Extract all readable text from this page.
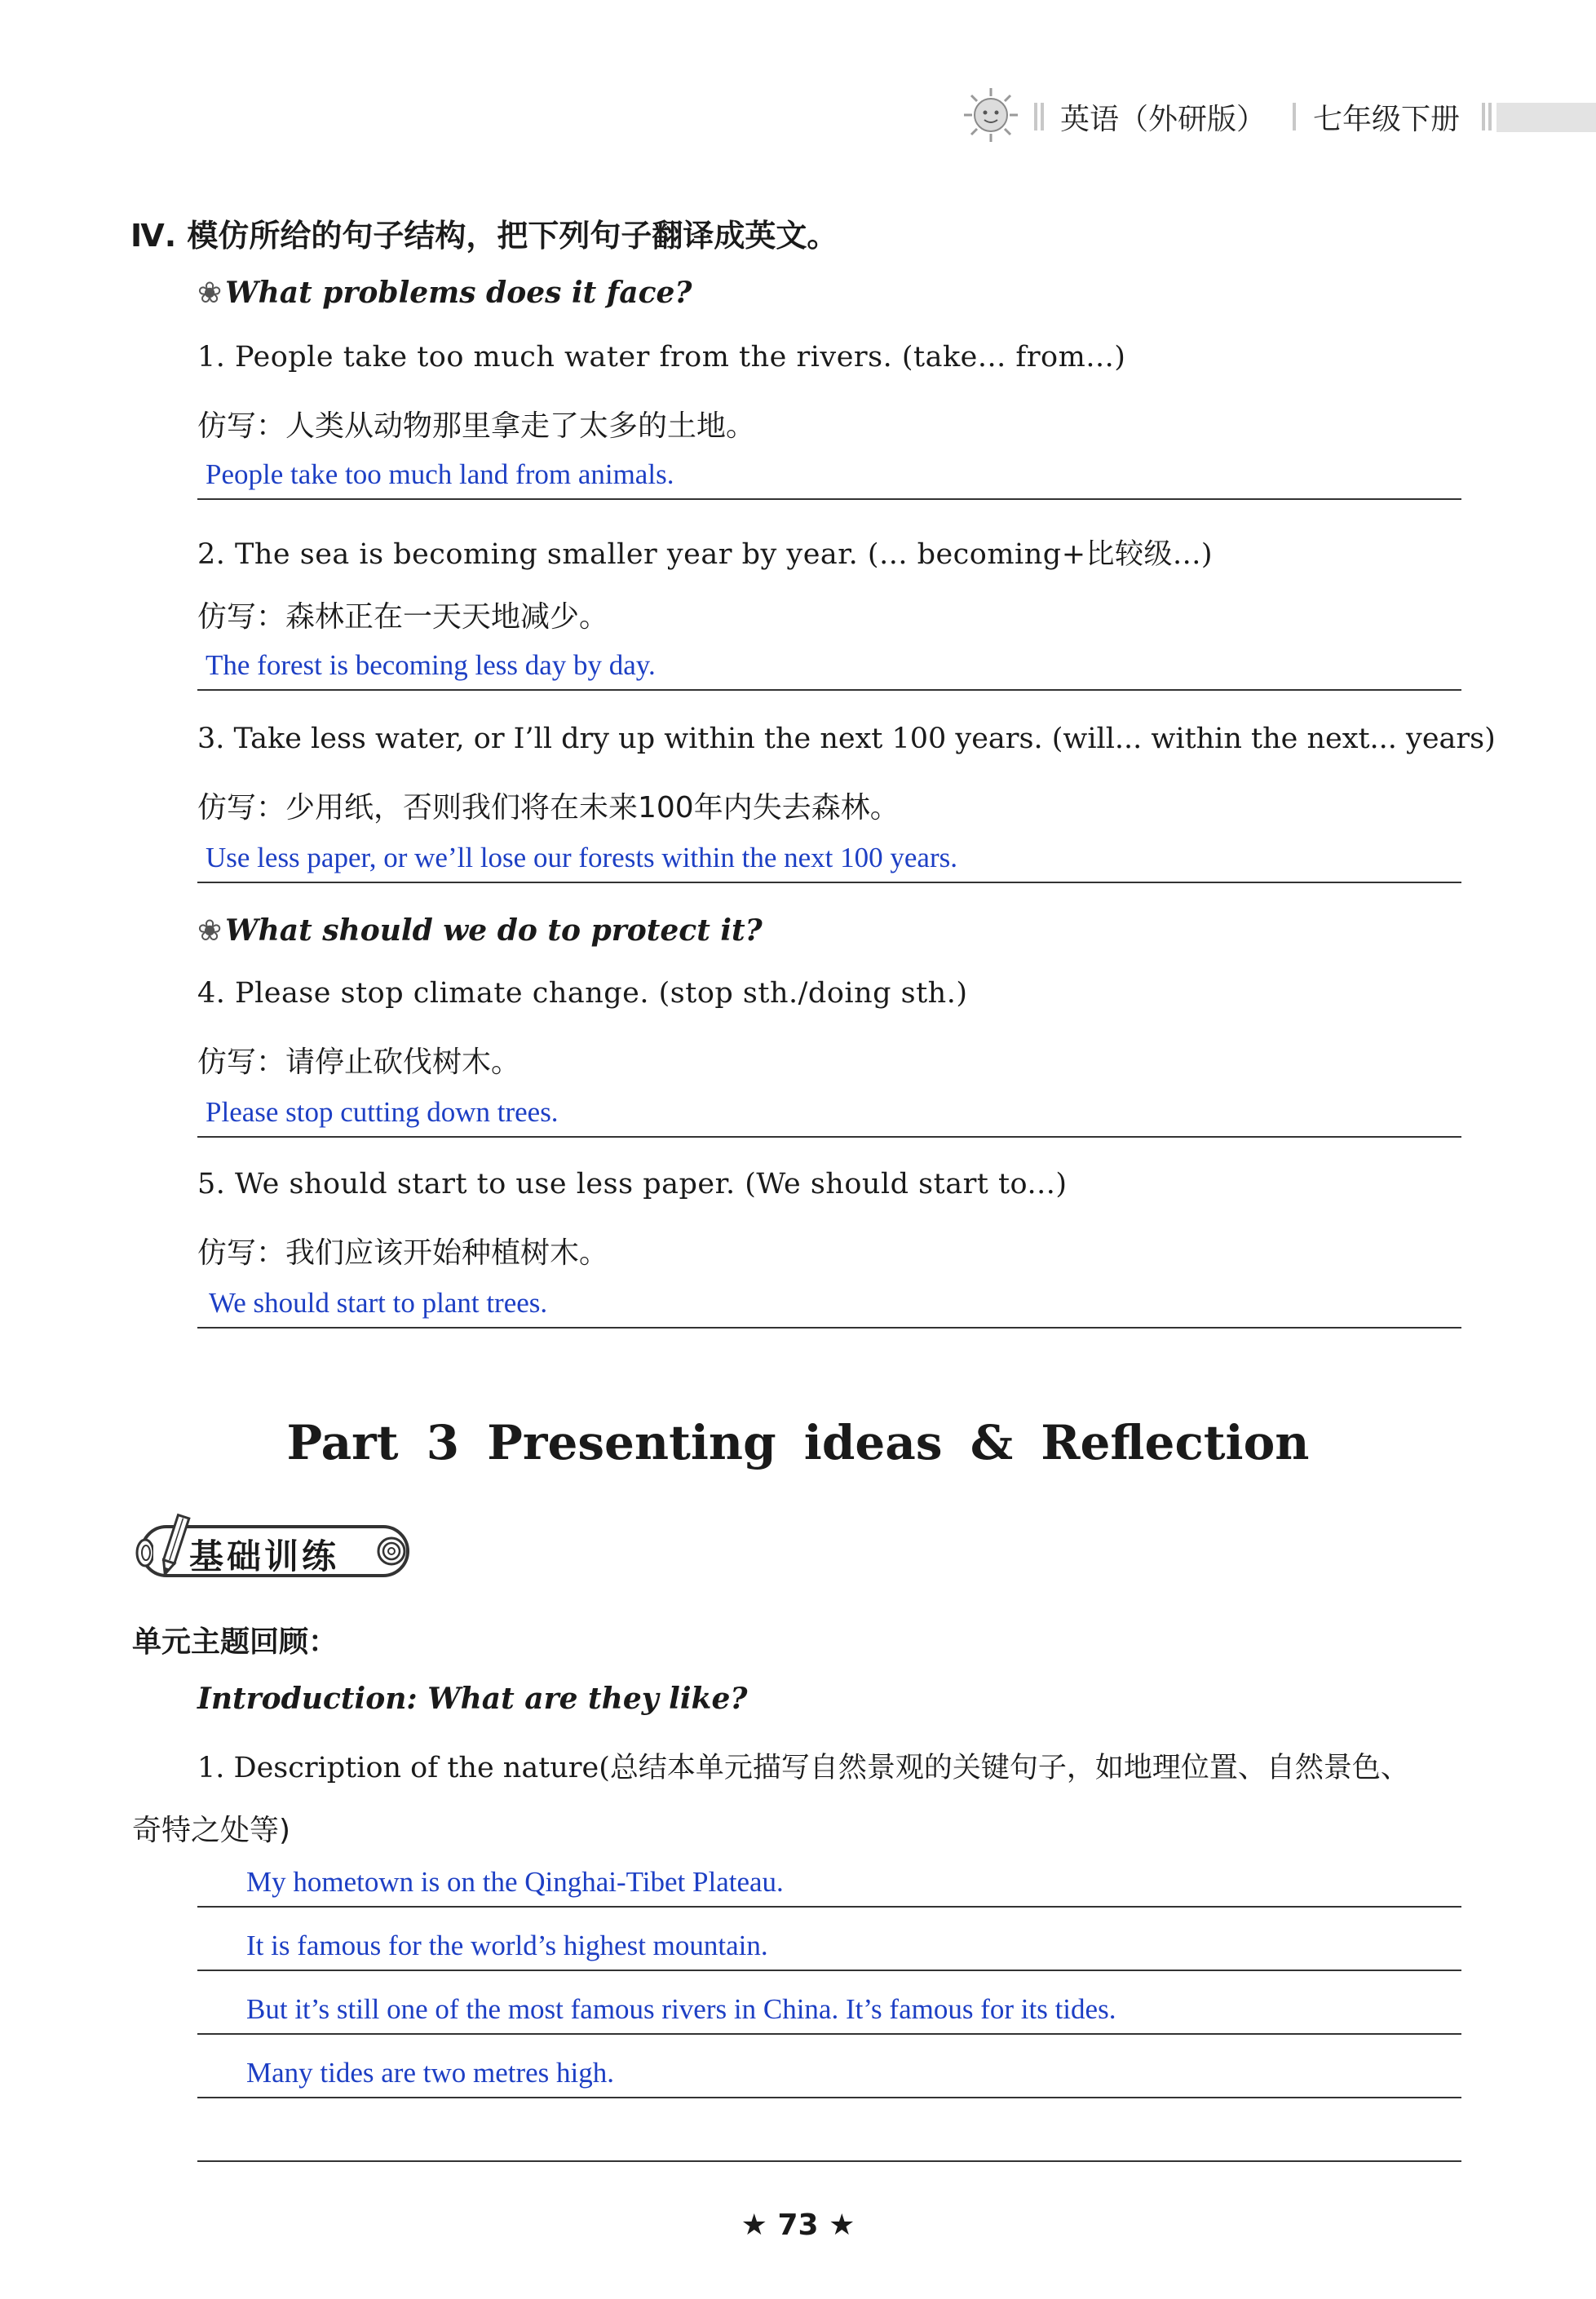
英语（外研版） 七年级下册
Ⅳ. 模仿所给的句子结构，把下列句子翻译成英文。
❀ What problems does it face?
1. People take too much water from the rivers. (take... from...)
仿写：人类从动物那里拿走了太多的土地。
People take too much land from animals.
2. The sea is becoming smaller year by year. (... becoming+比较级...)
仿写：森林正在一天天地减少。
The forest is becoming less day by day.
3. Take less water, or I’ll dry up within the next 100 years. (will... within the next... years)
仿写：少用纸，否则我们将在未来100年内失去森林。
Use less paper, or we’ll lose our forests within the next 100 years.
❀ What should we do to protect it?
4. Please stop climate change. (stop sth./doing sth.)
仿写：请停止砍伐树木。
Please stop cutting down trees.
5. We should start to use less paper. (We should start to...)
仿写：我们应该开始种植树木。
We should start to plant trees.
Part 3 Presenting ideas & Reflection
基础训练
单元主题回顾：
Introduction: What are they like?
1. Description of the nature(总结本单元描写自然景观的关键句子，如地理位置、自然景色、
奇特之处等)
My hometown is on the Qinghai-Tibet Plateau.
It is famous for the world’s highest mountain.
But it’s still one of the most famous rivers in China. It’s famous for its tides.
Many tides are two metres high.
★ 73 ★
